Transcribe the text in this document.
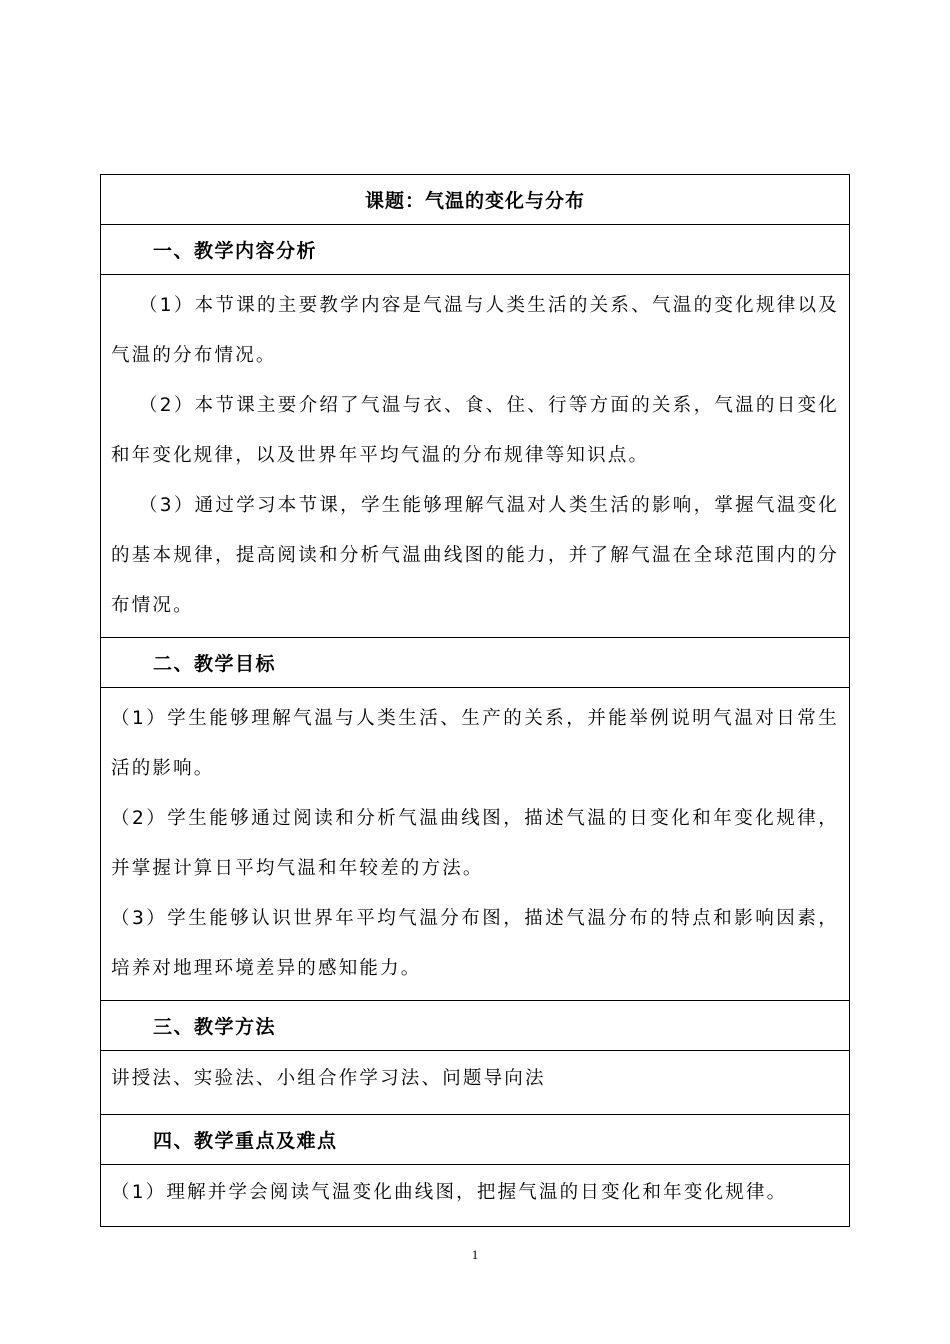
课题：气温的变化与分布
一、教学内容分析

（1）本节课的主要教学内容是气温与人类生活的关系、气温的变化规律以及气温的分布情况。

（2）本节课主要介绍了气温与衣、食、住、行等方面的关系，气温的日变化和年变化规律，以及世界年平均气温的分布规律等知识点。

（3）通过学习本节课，学生能够理解气温对人类生活的影响，掌握气温变化的基本规律，提高阅读和分析气温曲线图的能力，并了解气温在全球范围内的分布情况。

二、教学目标

（1）学生能够理解气温与人类生活、生产的关系，并能举例说明气温对日常生活的影响。

（2）学生能够通过阅读和分析气温曲线图，描述气温的日变化和年变化规律，并掌握计算日平均气温和年较差的方法。

（3）学生能够认识世界年平均气温分布图，描述气温分布的特点和影响因素，培养对地理环境差异的感知能力。

三、教学方法
讲授法、实验法、小组合作学习法、问题导向法
四、教学重点及难点
（1）理解并学会阅读气温变化曲线图，把握气温的日变化和年变化规律。
1
